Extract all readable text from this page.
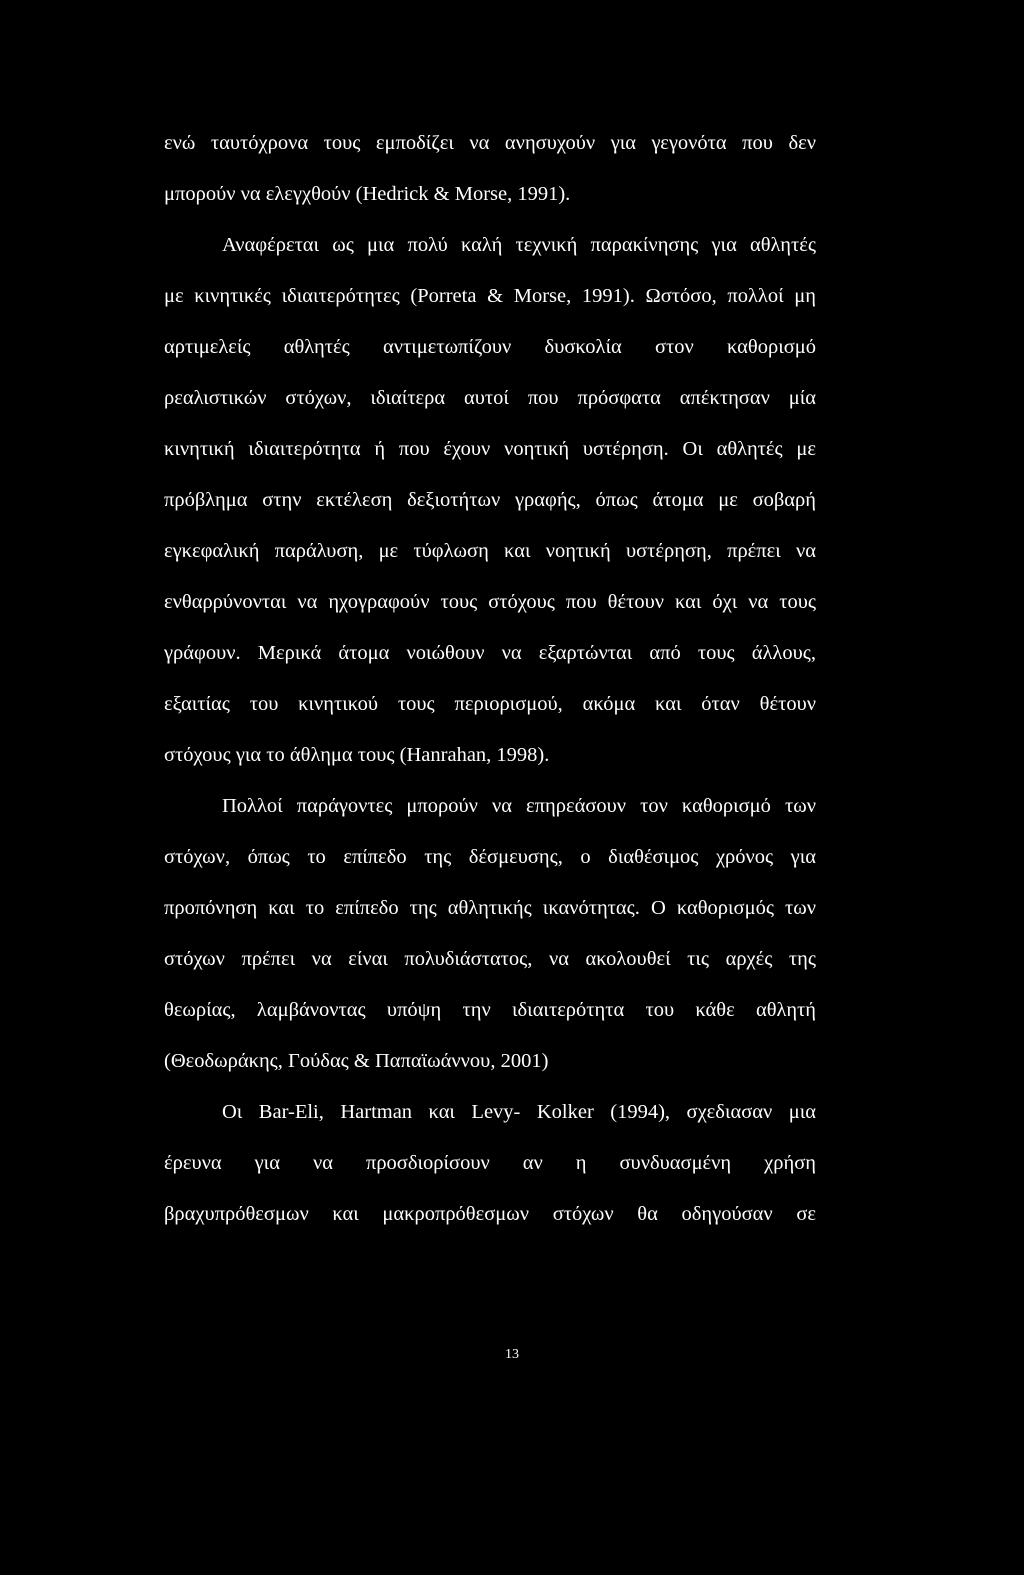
ενώ ταυτόχρονα τους εμποδίζει να ανησυχούν για γεγονότα που δεν
μπορούν να ελεγχθούν (Hedrick & Morse, 1991).
Αναφέρεται ως μια πολύ καλή τεχνική παρακίνησης για αθλητές
με κινητικές ιδιαιτερότητες (Porreta & Morse, 1991). Ωστόσο, πολλοί μη
αρτιμελείς αθλητές αντιμετωπίζουν δυσκολία στον καθορισμό
ρεαλιστικών στόχων, ιδιαίτερα αυτοί που πρόσφατα απέκτησαν μία
κινητική ιδιαιτερότητα ή που έχουν νοητική υστέρηση. Οι αθλητές με
πρόβλημα στην εκτέλεση δεξιοτήτων γραφής, όπως άτομα με σοβαρή
εγκεφαλική παράλυση, με τύφλωση και νοητική υστέρηση, πρέπει να
ενθαρρύνονται να ηχογραφούν τους στόχους που θέτουν και όχι να τους
γράφουν. Μερικά άτομα νοιώθουν να εξαρτώνται από τους άλλους,
εξαιτίας του κινητικού τους περιορισμού, ακόμα και όταν θέτουν
στόχους για το άθλημα τους (Hanrahan, 1998).
Πολλοί παράγοντες μπορούν να επηρεάσουν τον καθορισμό των
στόχων, όπως το επίπεδο της δέσμευσης, ο διαθέσιμος χρόνος για
προπόνηση και το επίπεδο της αθλητικής ικανότητας. Ο καθορισμός των
στόχων πρέπει να είναι πολυδιάστατος, να ακολουθεί τις αρχές της
θεωρίας, λαμβάνοντας υπόψη την ιδιαιτερότητα του κάθε αθλητή
(Θεοδωράκης, Γούδας & Παπαϊωάννου, 2001)
Οι Bar-Eli, Hartman και Levy- Kolker (1994), σχεδιασαν μια
έρευνα για να προσδιορίσουν αν η συνδυασμένη χρήση
βραχυπρόθεσμων και μακροπρόθεσμων στόχων θα οδηγούσαν σε
13
